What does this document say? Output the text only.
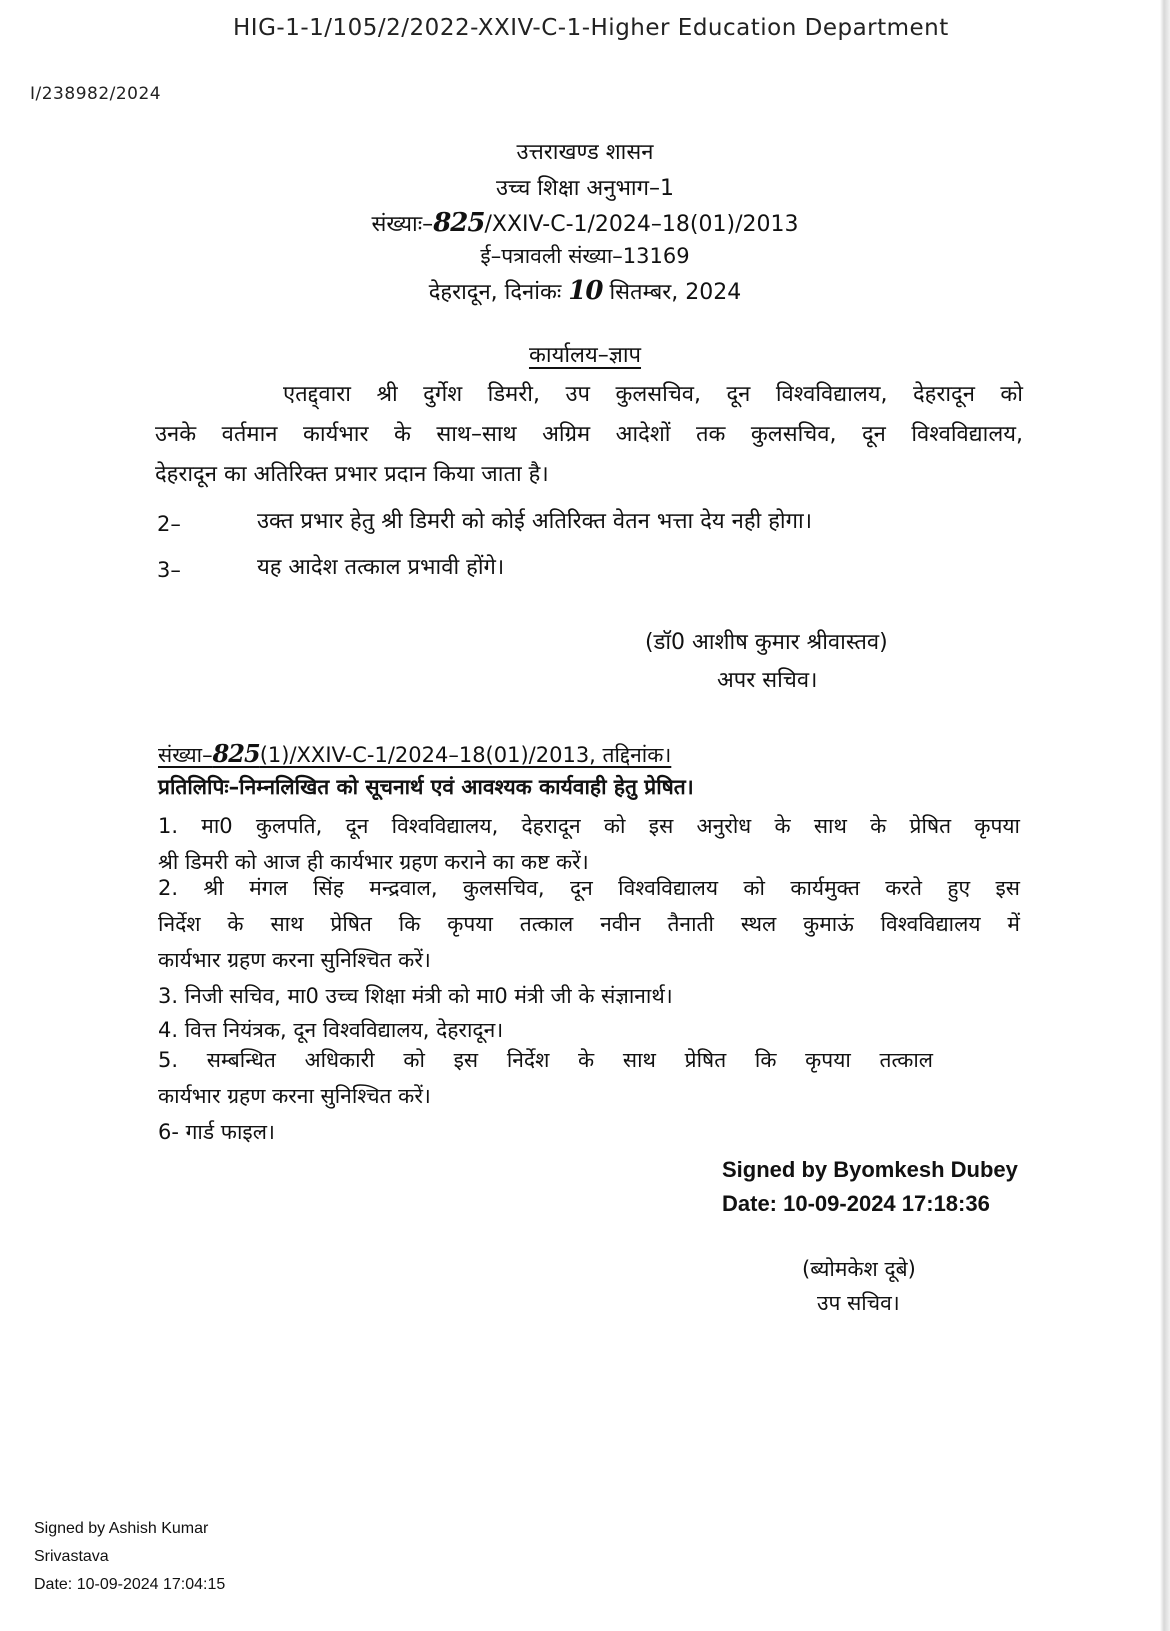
HIG-1-1/105/2/2022-XXIV-C-1-Higher Education Department
I/238982/2024
उत्तराखण्ड शासन
उच्च शिक्षा अनुभाग–1
संख्याः–825/XXIV-C-1/2024–18(01)/2013
ई–पत्रावली संख्या–13169
देहरादून, दिनांकः 10 सितम्बर, 2024
कार्यालय–ज्ञाप
एतद्द्वारा श्री दुर्गेश डिमरी, उप कुलसचिव, दून विश्वविद्यालय, देहरादून को
उनके वर्तमान कार्यभार के साथ–साथ अग्रिम आदेशों तक कुलसचिव, दून विश्वविद्यालय,
देहरादून का अतिरिक्त प्रभार प्रदान किया जाता है।
2–	उक्त प्रभार हेतु श्री डिमरी को कोई अतिरिक्त वेतन भत्ता देय नही होगा।
3–	यह आदेश तत्काल प्रभावी होंगे।
(डॉ0 आशीष कुमार श्रीवास्तव)
अपर सचिव।
संख्या–825(1)/XXIV-C-1/2024–18(01)/2013, तद्दिनांक।
प्रतिलिपिः–निम्नलिखित को सूचनार्थ एवं आवश्यक कार्यवाही हेतु प्रेषित।
1. मा0 कुलपति, दून विश्वविद्यालय, देहरादून को इस अनुरोध के साथ के प्रेषित कृपया
श्री डिमरी को आज ही कार्यभार ग्रहण कराने का कष्ट करें।
2. श्री मंगल सिंह मन्द्रवाल, कुलसचिव, दून विश्वविद्यालय को कार्यमुक्त करते हुए इस
निर्देश के साथ प्रेषित कि कृपया तत्काल नवीन तैनाती स्थल कुमाऊं विश्वविद्यालय में
कार्यभार ग्रहण करना सुनिश्चित करें।
3. निजी सचिव, मा0 उच्च शिक्षा मंत्री को मा0 मंत्री जी के संज्ञानार्थ।
4. वित्त नियंत्रक, दून विश्वविद्यालय, देहरादून।
5. सम्बन्धित अधिकारी को इस निर्देश के साथ प्रेषित कि कृपया तत्काल
कार्यभार ग्रहण करना सुनिश्चित करें।
6- गार्ड फाइल।
Signed by Byomkesh Dubey
Date: 10-09-2024 17:18:36
(ब्योमकेश दूबे)
उप सचिव।
Signed by Ashish Kumar
Srivastava
Date: 10-09-2024 17:04:15
